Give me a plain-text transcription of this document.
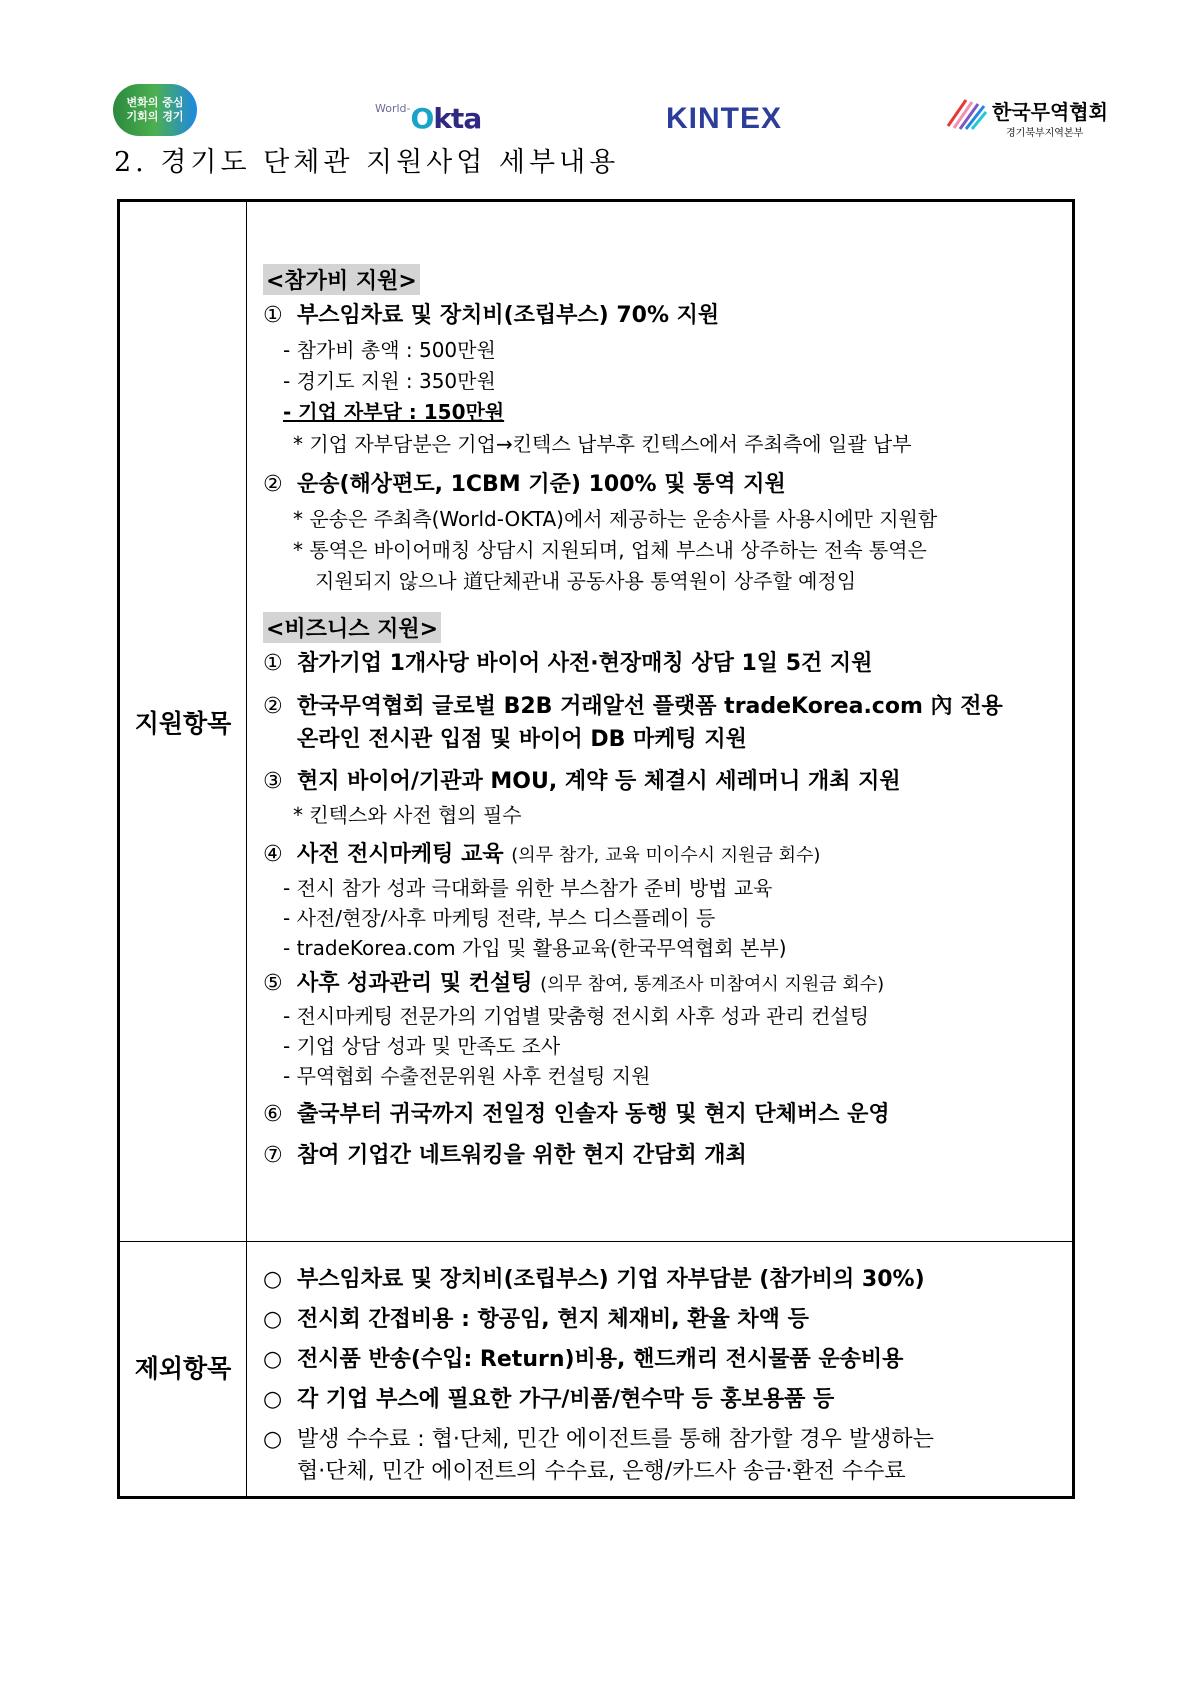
변화의 중심
기회의 경기
$^{World-}$Okta	KINTEX	한국무역협회
경기북부지역본부
2. 경기도 단체관 지원사업 세부내용
지원항목
제외항목
<참가비 지원>
① 부스임차료 및 장치비(조립부스) 70% 지원
- 참가비 총액 : 500만원
- 경기도 지원 : 350만원
- 기업 자부담 : 150만원
* 기업 자부담분은 기업→킨텍스 납부후 킨텍스에서 주최측에 일괄 납부
② 운송(해상편도, 1CBM 기준) 100% 및 통역 지원
* 운송은 주최측(World-OKTA)에서 제공하는 운송사를 사용시에만 지원함
* 통역은 바이어매칭 상담시 지원되며, 업체 부스내 상주하는 전속 통역은
지원되지 않으나 道단체관내 공동사용 통역원이 상주할 예정임
<비즈니스 지원>
① 참가기업 1개사당 바이어 사전·현장매칭 상담 1일 5건 지원
② 한국무역협회 글로벌 B2B 거래알선 플랫폼 tradeKorea.com 內 전용
온라인 전시관 입점 및 바이어 DB 마케팅 지원
③ 현지 바이어/기관과 MOU, 계약 등 체결시 세레머니 개최 지원
* 킨텍스와 사전 협의 필수
④ 사전 전시마케팅 교육 (의무 참가, 교육 미이수시 지원금 회수)
- 전시 참가 성과 극대화를 위한 부스참가 준비 방법 교육
- 사전/현장/사후 마케팅 전략, 부스 디스플레이 등
- tradeKorea.com 가입 및 활용교육(한국무역협회 본부)
⑤ 사후 성과관리 및 컨설팅 (의무 참여, 통계조사 미참여시 지원금 회수)
- 전시마케팅 전문가의 기업별 맞춤형 전시회 사후 성과 관리 컨설팅
- 기업 상담 성과 및 만족도 조사
- 무역협회 수출전문위원 사후 컨설팅 지원
⑥ 출국부터 귀국까지 전일정 인솔자 동행 및 현지 단체버스 운영
⑦ 참여 기업간 네트워킹을 위한 현지 간담회 개최
○ 부스임차료 및 장치비(조립부스) 기업 자부담분 (참가비의 30%)
○ 전시회 간접비용 : 항공임, 현지 체재비, 환율 차액 등
○ 전시품 반송(수입: Return)비용, 핸드캐리 전시물품 운송비용
○ 각 기업 부스에 필요한 가구/비품/현수막 등 홍보용품 등
○ 발생 수수료 : 협·단체, 민간 에이전트를 통해 참가할 경우 발생하는
협·단체, 민간 에이전트의 수수료, 은행/카드사 송금·환전 수수료
